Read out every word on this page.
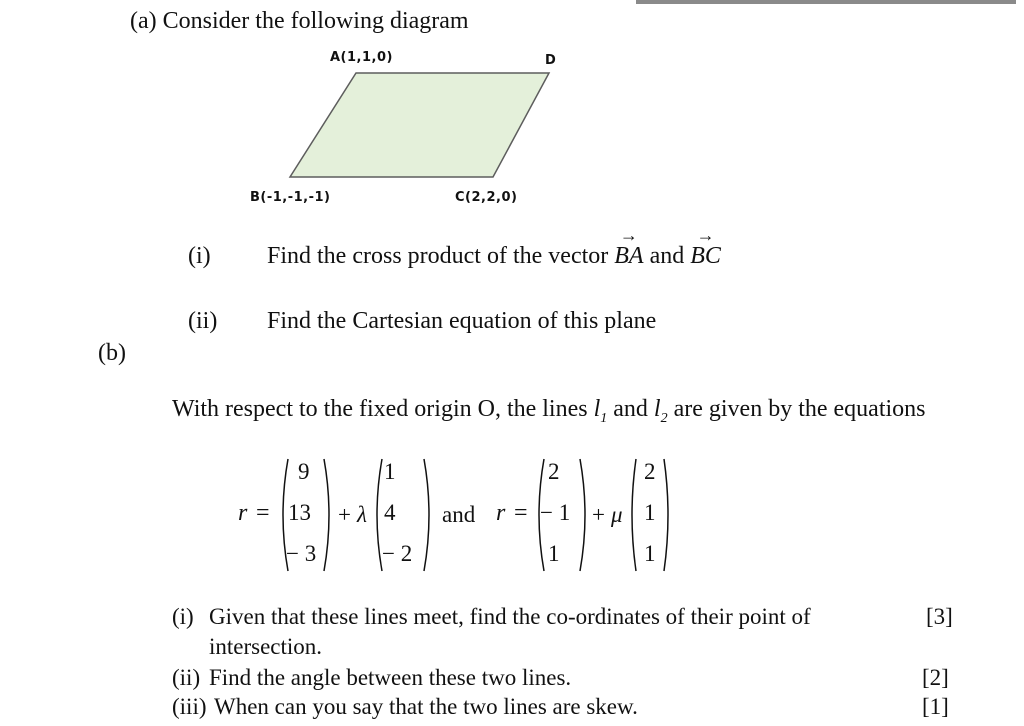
(a) Consider the following diagram
A(1,1,0)	D
B(-1,-1,-1)	C(2,2,0)
(i) Find the cross product of the vector → BA and → BC
(ii) Find the Cartesian equation of this plane
(b)
With respect to the fixed origin O, the lines $l_1$ and $l_2$ are given by the equations
r =
9
13
− 3
+ λ
1
4
− 2
and r =
2
− 1
1
+ μ
2
1
1
(i) Given that these lines meet, find the co-ordinates of their point of
intersection.
[3]
(ii) Find the angle between these two lines.	[2]
(iii) When can you say that the two lines are skew.	[1]
